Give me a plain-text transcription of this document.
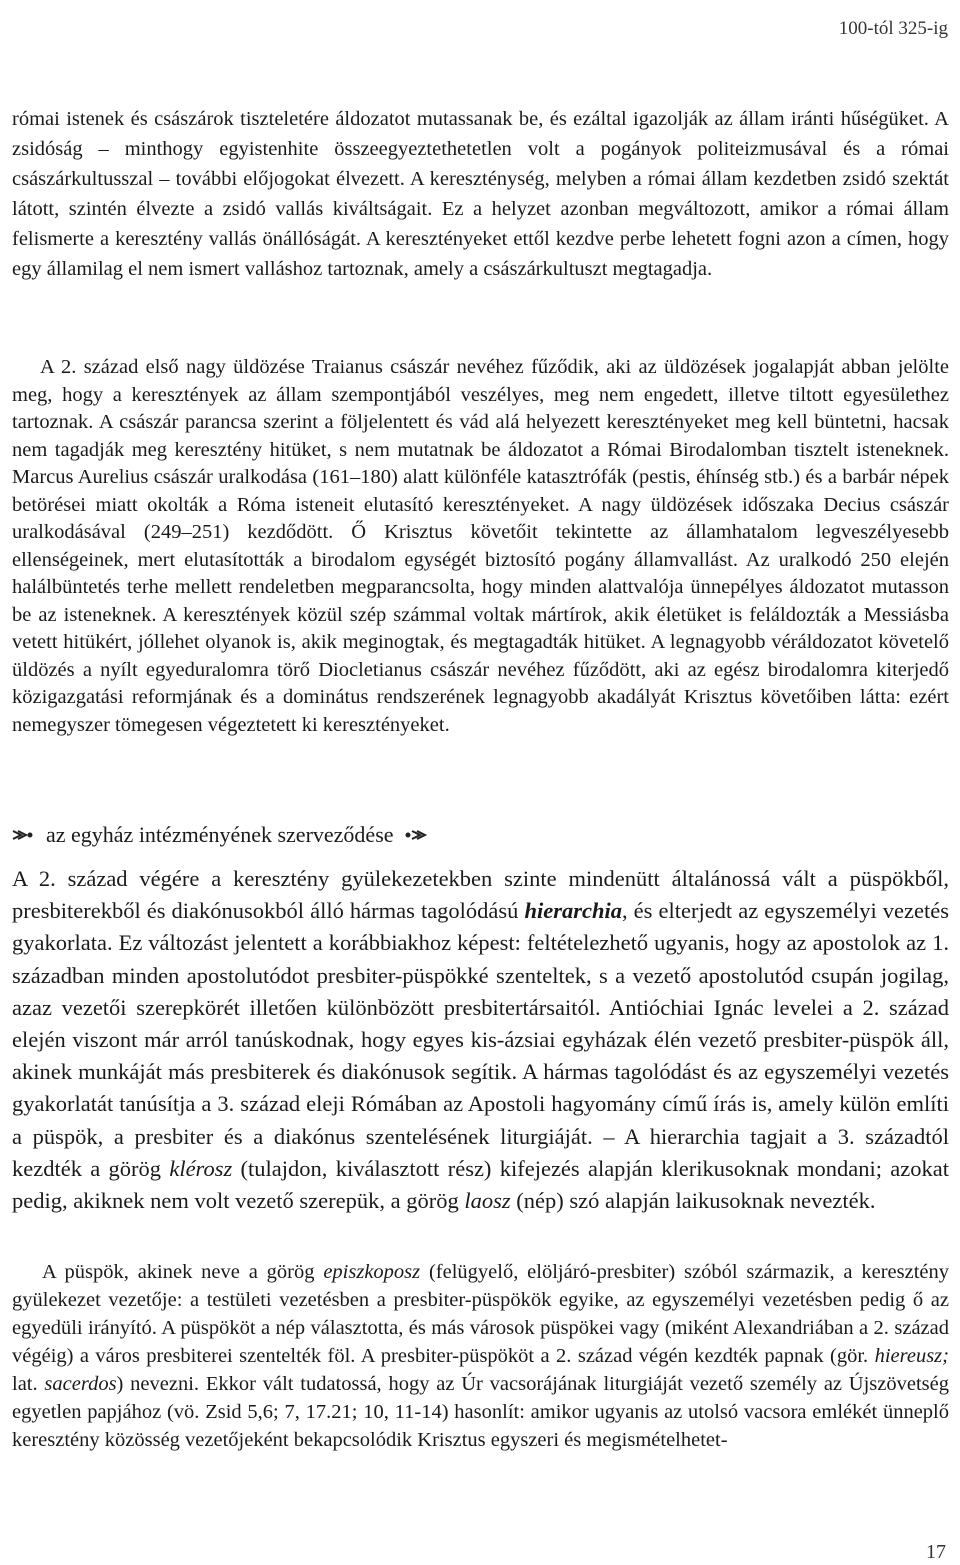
100-tól 325-ig

római istenek és császárok tiszteletére áldozatot mutassanak be, és ezáltal igazolják az állam iránti hűségüket. A zsidóság – minthogy egyistenhite összeegyeztethetetlen volt a pogányok politeizmusával és a római császárkultusszal – további előjogokat élvezett. A kereszténység, melyben a római állam kezdetben zsidó szektát látott, szintén élvezte a zsidó vallás kiváltságait. Ez a helyzet azonban megváltozott, amikor a római állam felismerte a keresztény vallás önállóságát. A keresztényeket ettől kezdve perbe lehetett fogni azon a címen, hogy egy államilag el nem ismert valláshoz tartoznak, amely a császárkultuszt megtagadja.

A 2. század első nagy üldözése Traianus császár nevéhez fűződik, aki az üldözések jogalapját abban jelölte meg, hogy a keresztények az állam szempontjából veszélyes, meg nem engedett, illetve tiltott egyesülethez tartoznak. A császár parancsa szerint a följelentett és vád alá helyezett keresztényeket meg kell büntetni, hacsak nem tagadják meg keresztény hitüket, s nem mutatnak be áldozatot a Római Birodalomban tisztelt isteneknek. Marcus Aurelius császár uralkodása (161–180) alatt különféle katasztrófák (pestis, éhínség stb.) és a barbár népek betörései miatt okolták a Róma isteneit elutasító keresztényeket. A nagy üldözések időszaka Decius császár uralkodásával (249–251) kezdődött. Ő Krisztus követőit tekintette az államhatalom legveszélyesebb ellenségeinek, mert elutasították a birodalom egységét biztosító pogány államvallást. Az uralkodó 250 elején halálbüntetés terhe mellett rendeletben megparancsolta, hogy minden alattvalója ünnepélyes áldozatot mutasson be az isteneknek. A keresztények közül szép számmal voltak mártírok, akik életüket is feláldozták a Messiásba vetett hitükért, jóllehet olyanok is, akik meginogtak, és megtagadták hitüket. A legnagyobb véráldozatot követelő üldözés a nyílt egyeduralomra törő Diocletianus császár nevéhez fűződött, aki az egész birodalomra kiterjedő közigazgatási reformjának és a dominátus rendszerének legnagyobb akadályát Krisztus követőiben látta: ezért nemegyszer tömegesen végeztetett ki keresztényeket.

az egyház intézményének szerveződése

A 2. század végére a keresztény gyülekezetekben szinte mindenütt általánossá vált a püspökből, presbiterekből és diakónusokból álló hármas tagolódású hierarchia, és elterjedt az egyszemélyi vezetés gyakorlata. Ez változást jelentett a korábbiakhoz képest: feltételezhető ugyanis, hogy az apostolok az 1. században minden apostolutódot presbiter-püspökké szenteltek, s a vezető apostolutód csupán jogilag, azaz vezetői szerepkörét illetően különbözött presbitertársaitól. Antióchiai Ignác levelei a 2. század elején viszont már arról tanúskodnak, hogy egyes kis-ázsiai egyházak élén vezető presbiter-püspök áll, akinek munkáját más presbiterek és diakónusok segítik. A hármas tagolódást és az egyszemélyi vezetés gyakorlatát tanúsítja a 3. század eleji Rómában az Apostoli hagyomány című írás is, amely külön említi a püspök, a presbiter és a diakónus szentelésének liturgiáját. – A hierarchia tagjait a 3. századtól kezdték a görög klérosz (tulajdon, kiválasztott rész) kifejezés alapján klerikusoknak mondani; azokat pedig, akiknek nem volt vezető szerepük, a görög laosz (nép) szó alapján laikusoknak nevezték.

A püspök, akinek neve a görög episzkoposz (felügyelő, elöljáró-presbiter) szóból származik, a keresztény gyülekezet vezetője: a testületi vezetésben a presbiter-püspökök egyike, az egyszemélyi vezetésben pedig ő az egyedüli irányító. A püspököt a nép választotta, és más városok püspökei vagy (miként Alexandriában a 2. század végéig) a város presbiterei szentelték föl. A presbiter-püspököt a 2. század végén kezdték papnak (gör. hiereusz; lat. sacerdos) nevezni. Ekkor vált tudatossá, hogy az Úr vacsorájának liturgiáját vezető személy az Újszövetség egyetlen papjához (vö. Zsid 5,6; 7, 17.21; 10, 11-14) hasonlít: amikor ugyanis az utolsó vacsora emlékét ünneplő keresztény közösség vezetőjeként bekapcsolódik Krisztus egyszeri és megismételhetet-

17
